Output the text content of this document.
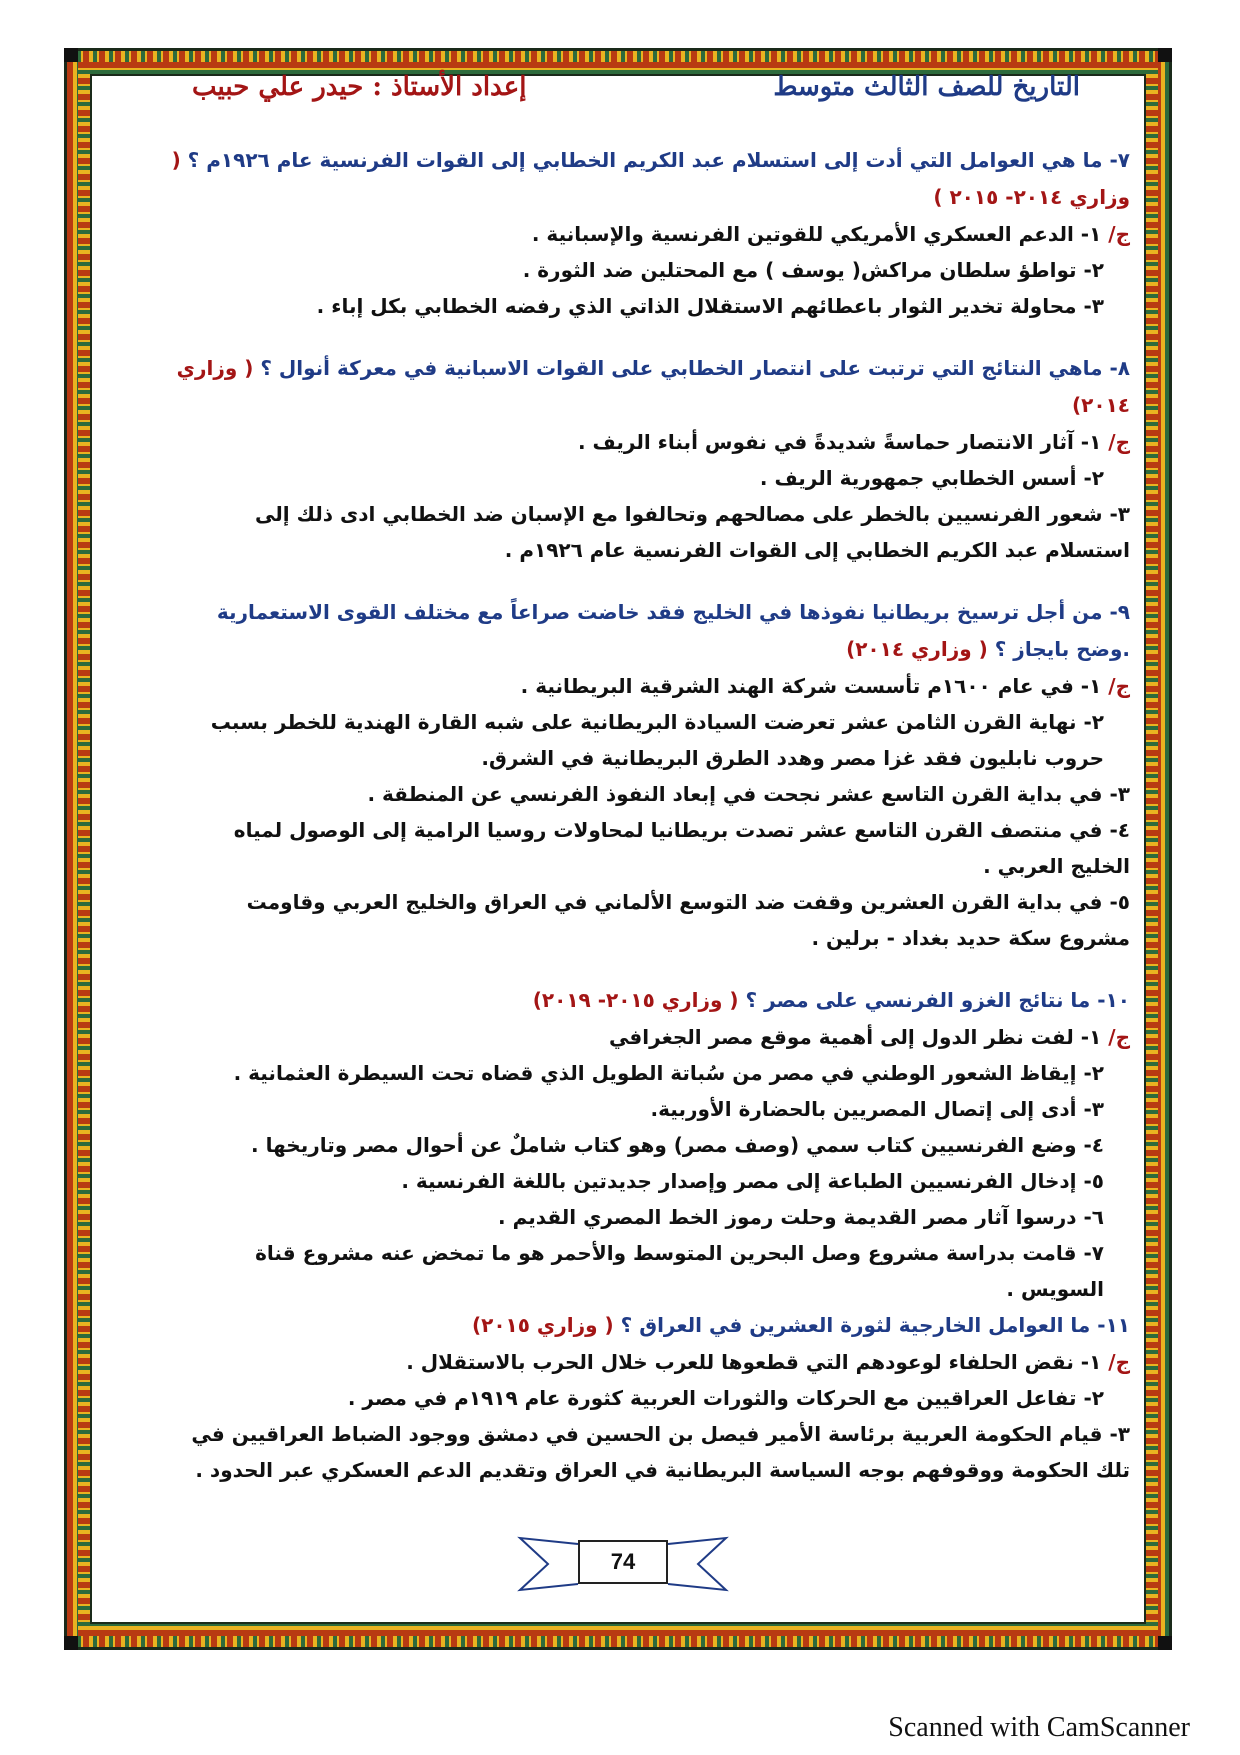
التاريخ للصف الثالث متوسط
إعداد الأستاذ : حيدر علي حبيب
٧- ما هي العوامل التي أدت إلى استسلام عبد الكريم الخطابي إلى القوات الفرنسية عام ١٩٢٦م ؟ ( وزاري ٢٠١٤- ٢٠١٥ )
ج/ ١- الدعم العسكري الأمريكي للقوتين الفرنسية والإسبانية .
٢- تواطؤ سلطان مراكش( يوسف ) مع المحتلين ضد الثورة .
٣- محاولة تخدير الثوار باعطائهم الاستقلال الذاتي الذي رفضه الخطابي بكل إباء .
٨- ماهي النتائج التي ترتبت على انتصار الخطابي على القوات الاسبانية في معركة أنوال ؟ ( وزاري ٢٠١٤)
ج/ ١- آثار الانتصار حماسةً شديدةً في نفوس أبناء الريف .
٢- أسس الخطابي جمهورية الريف .
٣- شعور الفرنسيين بالخطر على مصالحهم وتحالفوا مع الإسبان ضد الخطابي ادى ذلك إلى استسلام عبد الكريم الخطابي إلى القوات الفرنسية عام ١٩٢٦م .
٩- من أجل ترسيخ بريطانيا نفوذها في الخليج فقد خاضت صراعاً مع مختلف القوى الاستعمارية .وضح بايجاز ؟ ( وزاري ٢٠١٤)
ج/ ١- في عام ١٦٠٠م تأسست شركة الهند الشرقية البريطانية .
٢- نهاية القرن الثامن عشر تعرضت السيادة البريطانية على شبه القارة الهندية للخطر بسبب حروب نابليون فقد غزا مصر وهدد الطرق البريطانية في الشرق.
٣- في بداية القرن التاسع عشر نجحت في إبعاد النفوذ الفرنسي عن المنطقة .
٤- في منتصف القرن التاسع عشر تصدت بريطانيا لمحاولات روسيا الرامية إلى الوصول لمياه الخليج العربي .
٥- في بداية القرن العشرين وقفت ضد التوسع الألماني في العراق والخليج العربي وقاومت مشروع سكة حديد بغداد - برلين .
١٠- ما نتائج الغزو الفرنسي على مصر ؟ ( وزاري ٢٠١٥- ٢٠١٩)
ج/ ١- لفت نظر الدول إلى أهمية موقع مصر الجغرافي
٢- إيقاظ الشعور الوطني في مصر من سُباتة الطويل الذي قضاه تحت السيطرة العثمانية .
٣- أدى إلى إتصال المصريين بالحضارة الأوربية.
٤- وضع الفرنسيين كتاب سمي (وصف مصر) وهو كتاب شاملٌ عن أحوال مصر وتاريخها .
٥- إدخال الفرنسيين الطباعة إلى مصر وإصدار جديدتين باللغة الفرنسية .
٦- درسوا آثار مصر القديمة وحلت رموز الخط المصري القديم .
٧- قامت بدراسة مشروع وصل البحرين المتوسط والأحمر هو ما تمخض عنه مشروع قناة السويس .
١١- ما العوامل الخارجية لثورة العشرين في العراق ؟ ( وزاري ٢٠١٥)
ج/ ١- نقض الحلفاء لوعودهم التي قطعوها للعرب خلال الحرب بالاستقلال .
٢- تفاعل العراقيين مع الحركات والثورات العربية كثورة عام ١٩١٩م في مصر .
٣- قيام الحكومة العربية برئاسة الأمير فيصل بن الحسين في دمشق ووجود الضباط العراقيين في تلك الحكومة ووقوفهم بوجه السياسة البريطانية في العراق وتقديم الدعم العسكري عبر الحدود .
74
Scanned with CamScanner
